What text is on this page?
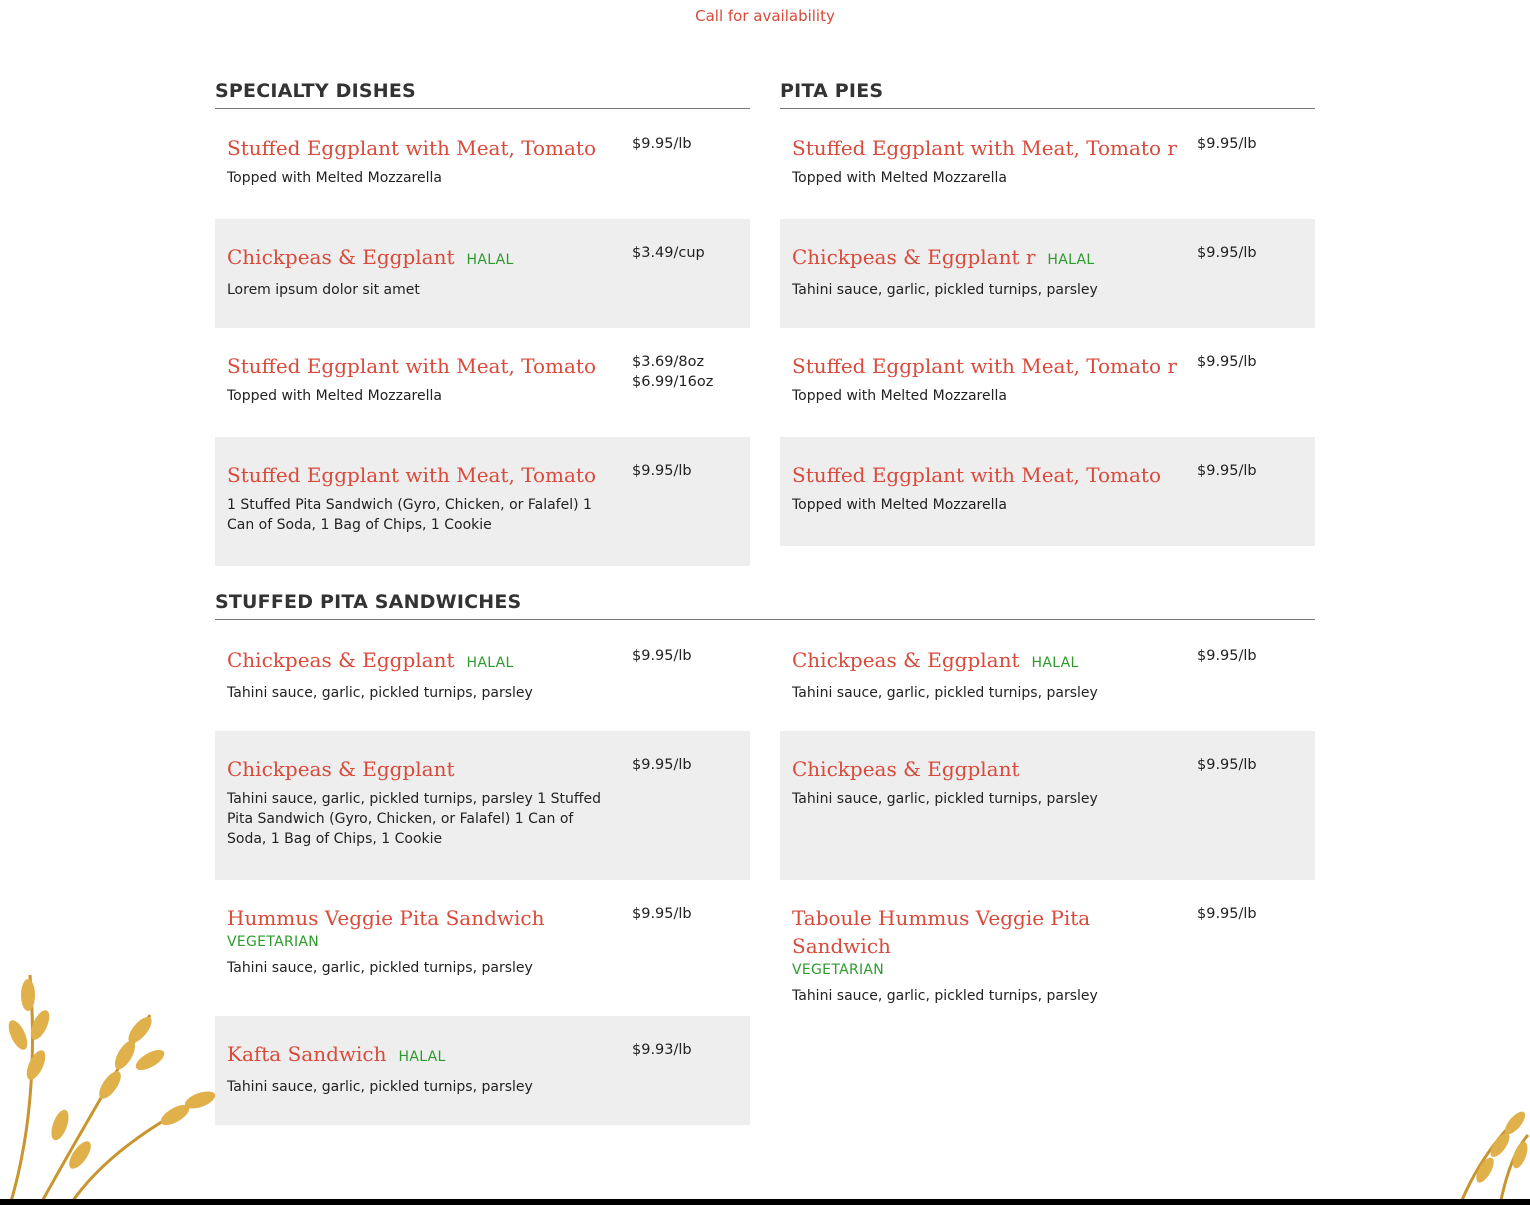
Call for availability
SPECIALTY DISHES	PITA PIES
Stuffed Eggplant with Meat, Tomato
Topped with Melted Mozzarella
$9.95/lb
Chickpeas & Eggplant HALAL
Lorem ipsum dolor sit amet
$3.49/cup
Stuffed Eggplant with Meat, Tomato
Topped with Melted Mozzarella
$3.69/8oz
$6.99/16oz
Stuffed Eggplant with Meat, Tomato
1 Stuffed Pita Sandwich (Gyro, Chicken, or Falafel) 1 Can of Soda, 1 Bag of Chips, 1 Cookie
$9.95/lb
Stuffed Eggplant with Meat, Tomato r
Topped with Melted Mozzarella
$9.95/lb
Chickpeas & Eggplant r HALAL
Tahini sauce, garlic, pickled turnips, parsley
$9.95/lb
Stuffed Eggplant with Meat, Tomato r
Topped with Melted Mozzarella
$9.95/lb
Stuffed Eggplant with Meat, Tomato
Topped with Melted Mozzarella
$9.95/lb
STUFFED PITA SANDWICHES
Chickpeas & Eggplant HALAL
Tahini sauce, garlic, pickled turnips, parsley
$9.95/lb	Chickpeas & Eggplant HALAL
Tahini sauce, garlic, pickled turnips, parsley
$9.95/lb
Chickpeas & Eggplant
Tahini sauce, garlic, pickled turnips, parsley 1 Stuffed Pita Sandwich (Gyro, Chicken, or Falafel) 1 Can of Soda, 1 Bag of Chips, 1 Cookie
$9.95/lb	Chickpeas & Eggplant
Tahini sauce, garlic, pickled turnips, parsley
$9.95/lb
Hummus Veggie Pita Sandwich
VEGETARIAN
Tahini sauce, garlic, pickled turnips, parsley
$9.95/lb	Taboule Hummus Veggie Pita Sandwich
VEGETARIAN
Tahini sauce, garlic, pickled turnips, parsley
$9.95/lb
Kafta Sandwich HALAL
Tahini sauce, garlic, pickled turnips, parsley
$9.93/lb
